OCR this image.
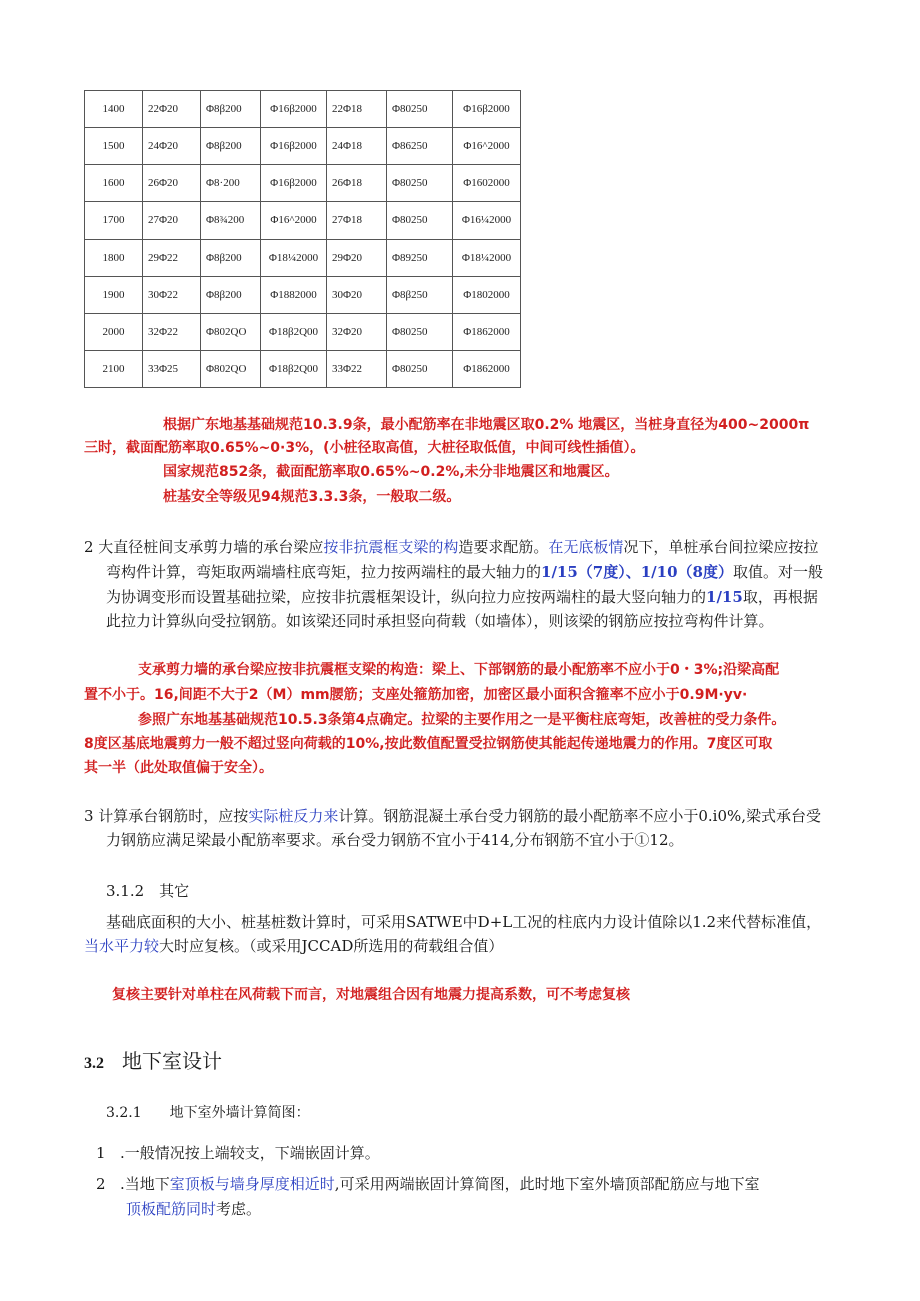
1400	22Φ20	Φ8β200	Φ16β2000	22Φ18	Φ80250	Φ16β2000
1500	24Φ20	Φ8β200	Φ16β2000	24Φ18	Φ86250	Φ16^2000
1600	26Φ20	Φ8·200	Φ16β2000	26Φ18	Φ80250	Φ1602000
1700	27Φ20	Φ8¾200	Φ16^2000	27Φ18	Φ80250	Φ16¼2000
1800	29Φ22	Φ8β200	Φ18¼2000	29Φ20	Φ89250	Φ18¼2000
1900	30Φ22	Φ8β200	Φ1882000	30Φ20	Φ8β250	Φ1802000
2000	32Φ22	Φ802QO	Φ18β2Q00	32Φ20	Φ80250	Φ1862000
2100	33Φ25	Φ802QO	Φ18β2Q00	33Φ22	Φ80250	Φ1862000
根据广东地基基础规范10.3.9条，最小配筋率在非地震区取0.2% 地震区，当桩身直径为400~2000π
三时，截面配筋率取0.65%~0·3%，(小桩径取高值，大桩径取低值，中间可线性插值）。
国家规范852条，截面配筋率取0.65%~0.2%,未分非地震区和地震区。
桩基安全等级见94规范3.3.3条，一般取二级。
2 大直径桩间支承剪力墙的承台梁应按非抗震框支梁的构造要求配筋。在无底板情况下，单桩承台间拉梁应按拉
弯构件计算，弯矩取两端墙柱底弯矩，拉力按两端柱的最大轴力的1/15（7度）、1/10（8度）取值。对一般
为协调变形而设置基础拉梁，应按非抗震框架设计，纵向拉力应按两端柱的最大竖向轴力的1/15取，再根据
此拉力计算纵向受拉钢筋。如该梁还同时承担竖向荷载（如墙体），则该梁的钢筋应按拉弯构件计算。
支承剪力墙的承台梁应按非抗震框支梁的构造：梁上、下部钢筋的最小配筋率不应小于0・3%;沿梁高配
置不小于。16,间距不大于2（M）mm腰筋；支座处箍筋加密，加密区最小面积含箍率不应小于0.9M·yv·
参照广东地基基础规范10.5.3条第4点确定。拉梁的主要作用之一是平衡柱底弯矩，改善桩的受力条件。
8度区基底地震剪力一般不超过竖向荷载的10%,按此数值配置受拉钢筋使其能起传递地震力的作用。7度区可取
其一半（此处取值偏于安全）。
3 计算承台钢筋时，应按实际桩反力来计算。钢筋混凝土承台受力钢筋的最小配筋率不应小于0.i0%,梁式承台受
力钢筋应满足梁最小配筋率要求。承台受力钢筋不宜小于414,分布钢筋不宜小于①12。
3.1.2　其它
基础底面积的大小、桩基桩数计算时，可采用SATWE中D+L工况的柱底内力设计值除以1.2来代替标准值，
当水平力较大时应复核。（或采用JCCAD所选用的荷载组合值）
复核主要针对单柱在风荷载下而言，对地震组合因有地震力提高系数，可不考虑复核
3.2 地下室设计
3.2.1　　地下室外墙计算简图：
1 .一般情况按上端较支，下端嵌固计算。
2 .当地下室顶板与墙身厚度相近时,可采用两端嵌固计算简图，此时地下室外墙顶部配筋应与地下室
顶板配筋同时考虑。
